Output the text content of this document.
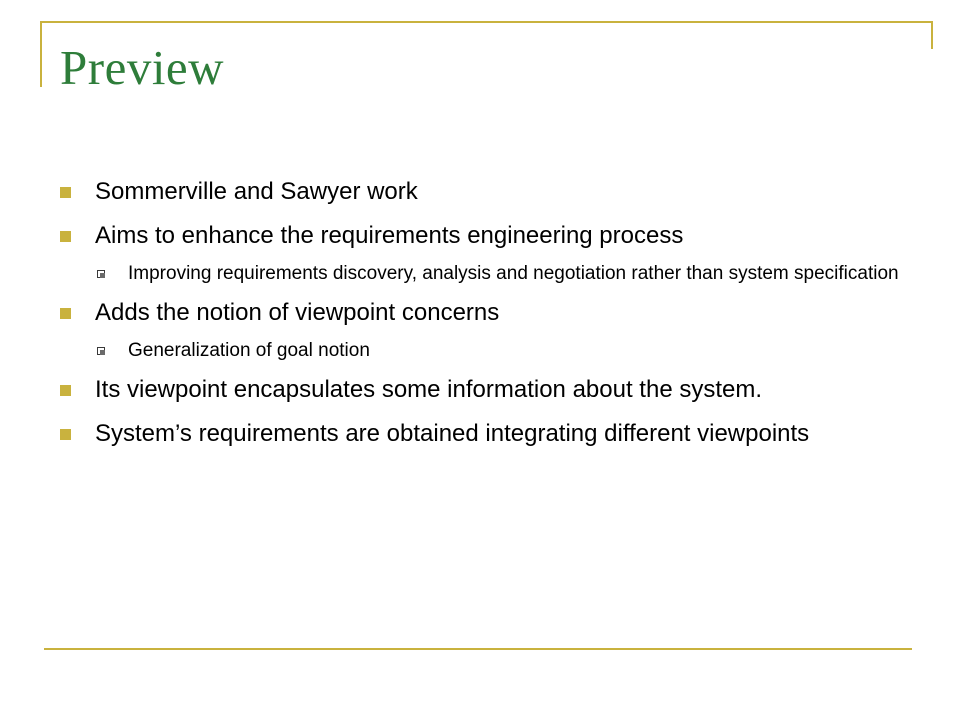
Preview
Sommerville and Sawyer work
Aims to enhance the requirements engineering process
Improving requirements discovery, analysis and negotiation rather than system specification
Adds the notion of viewpoint concerns
Generalization of goal notion
Its viewpoint encapsulates some information about the system.
System’s requirements are obtained integrating different viewpoints
